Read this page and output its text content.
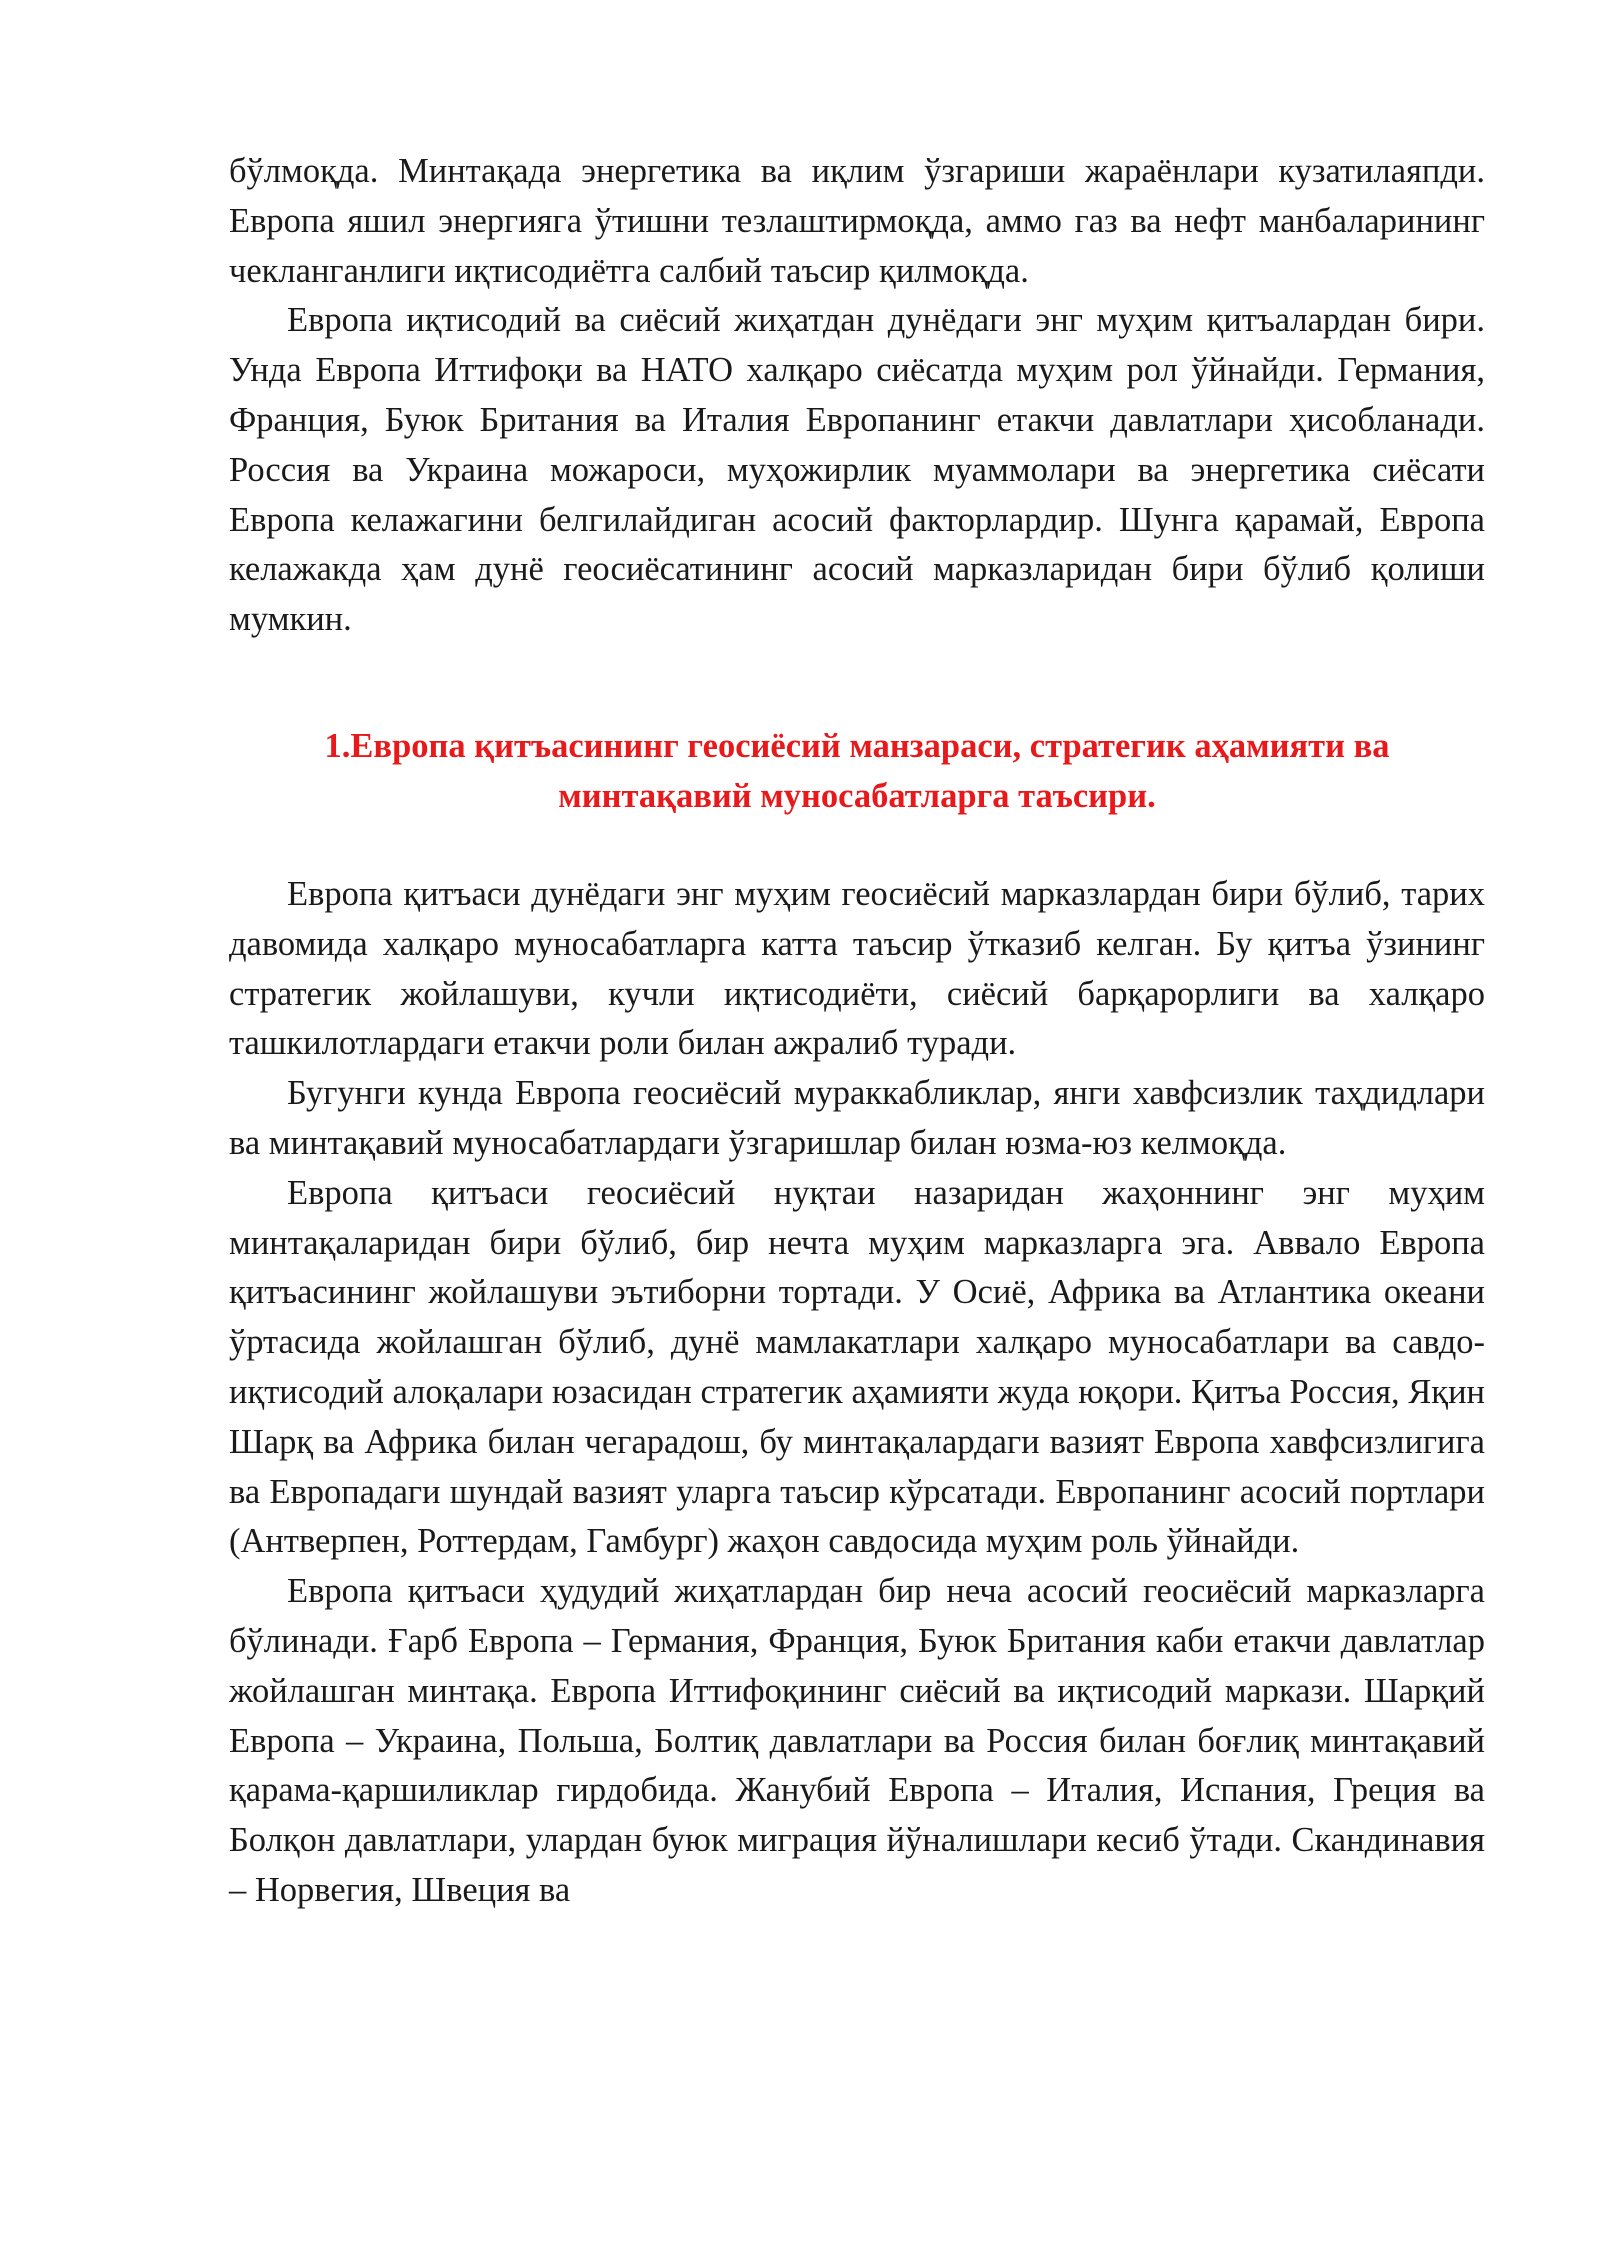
бўлмоқда. Минтақада энергетика ва иқлим ўзгариши жараёнлари кузатилаяпди. Европа яшил энергияга ўтишни тезлаштирмоқда, аммо газ ва нефт манбаларининг чекланганлиги иқтисодиётга салбий таъсир қилмоқда.

Европа иқтисодий ва сиёсий жиҳатдан дунёдаги энг муҳим қитъалардан бири. Унда Европа Иттифоқи ва НАТО халқаро сиёсатда муҳим рол ўйнайди. Германия, Франция, Буюк Британия ва Италия Европанинг етакчи давлатлари ҳисобланади. Россия ва Украина можароси, муҳожирлик муаммолари ва энергетика сиёсати Европа келажагини белгилайдиган асосий факторлардир. Шунга қарамай, Европа келажакда ҳам дунё геосиёсатининг асосий марказларидан бири бўлиб қолиши мумкин.

1.Европа қитъасининг геосиёсий манзараси, стратегик аҳамияти ва
минтақавий муносабатларга таъсири.

Европа қитъаси дунёдаги энг муҳим геосиёсий марказлардан бири бўлиб, тарих давомида халқаро муносабатларга катта таъсир ўтказиб келган. Бу қитъа ўзининг стратегик жойлашуви, кучли иқтисодиёти, сиёсий барқарорлиги ва халқаро ташкилотлардаги етакчи роли билан ажралиб туради.

Бугунги кунда Европа геосиёсий мураккабликлар, янги хавфсизлик таҳдидлари ва минтақавий муносабатлардаги ўзгаришлар билан юзма-юз келмоқда.

Европа қитъаси геосиёсий нуқтаи назаридан жаҳоннинг энг муҳим минтақаларидан бири бўлиб, бир нечта муҳим марказларга эга. Аввало Европа қитъасининг жойлашуви эътиборни тортади. У Осиё, Африка ва Атлантика океани ўртасида жойлашган бўлиб, дунё мамлакатлари халқаро муносабатлари ва савдо-иқтисодий алоқалари юзасидан стратегик аҳамияти жуда юқори. Қитъа Россия, Яқин Шарқ ва Африка билан чегарадош, бу минтақалардаги вазият Европа хавфсизлигига ва Европадаги шундай вазият уларга таъсир кўрсатади. Европанинг асосий портлари (Антверпен, Роттердам, Гамбург) жаҳон савдосида муҳим роль ўйнайди.

Европа қитъаси ҳудудий жиҳатлардан бир неча асосий геосиёсий марказларга бўлинади. Ғарб Европа – Германия, Франция, Буюк Британия каби етакчи давлатлар жойлашган минтақа. Европа Иттифоқининг сиёсий ва иқтисодий маркази. Шарқий Европа – Украина, Польша, Болтиқ давлатлари ва Россия билан боғлиқ минтақавий қарама-қаршиликлар гирдобида. Жанубий Европа – Италия, Испания, Греция ва Болқон давлатлари, улардан буюк миграция йўналишлари кесиб ўтади. Скандинавия – Норвегия, Швеция ва
